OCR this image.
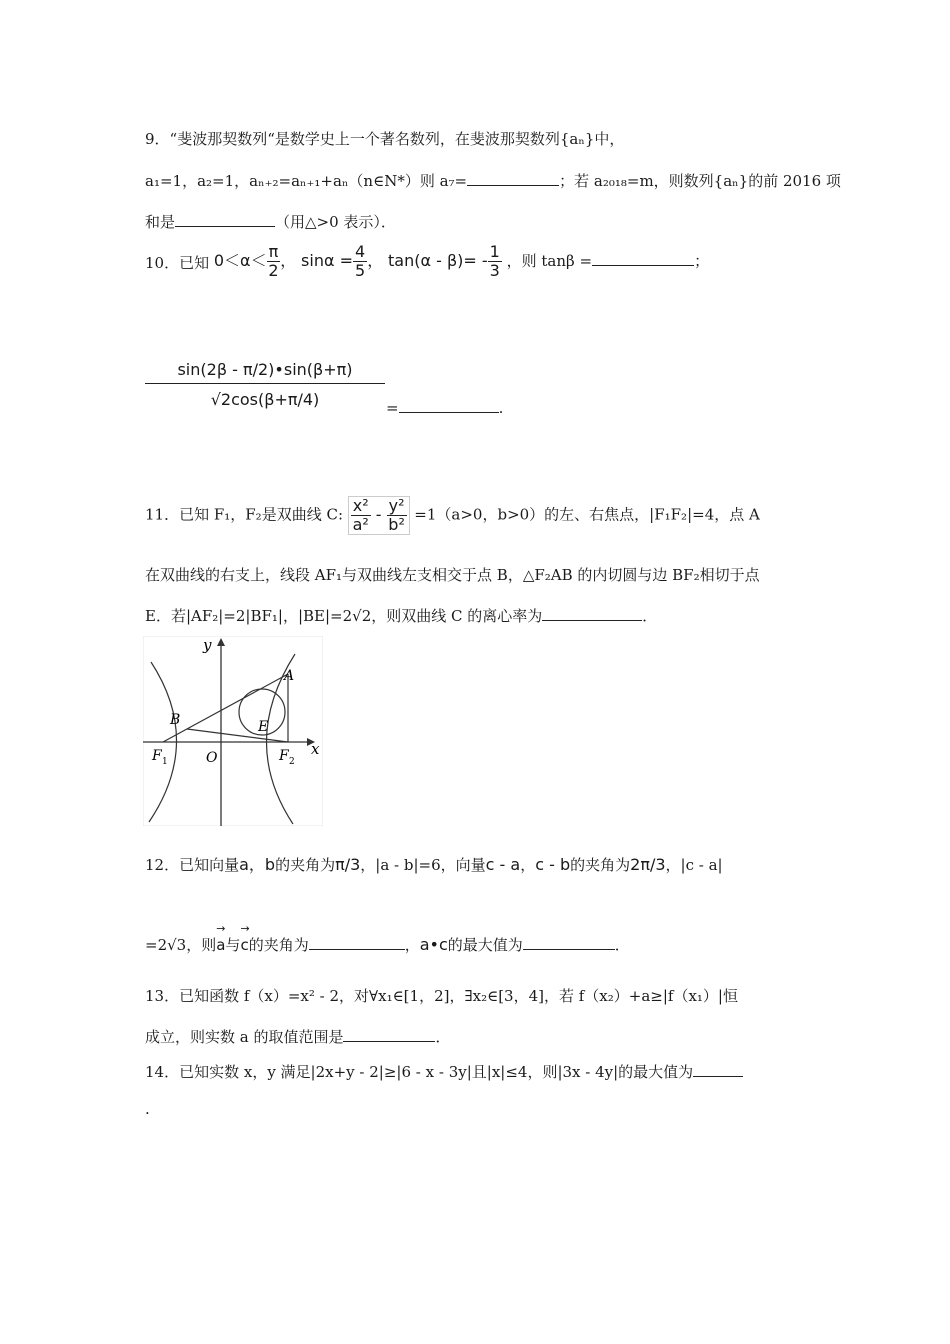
9．“斐波那契数列“是数学史上一个著名数列，在斐波那契数列{aₙ}中，
a₁=1，a₂=1，aₙ₊₂=aₙ₊₁+aₙ（n∈N*）则 a₇=	；若 a₂₀₁₈=m，则数列{aₙ}的前 2016 项
和是	（用△>0 表示）．
10．已知 $0<\alpha< \frac{\pi}{2}$ ， $\sin\alpha = \frac{4}{5}$ ， $\tan(\alpha - \beta)= - \frac{1}{3}$ ，则 tanβ =	；
$\frac{\sin(2\beta - \pi/2)•\sin(\beta+\pi)}{√2\cos(\beta+\pi/4)}$ =	.
11．已知 F₁，F₂是双曲线 C: $\frac{\text{x²}}{\text{a²}} - \frac{\text{y²}}{\text{b²}} =1(a>0$，b>0）的左、右焦点，|F₁F₂|=4，点 A
在双曲线的右支上，线段 AF₁与双曲线左支相交于点 B，△F₂AB 的内切圆与边 BF₂相切于点
E．若|AF₂|=2|BF₁|，|BE|=2√2，则双曲线 C 的离心率为	．
y
x
A
B	E
O
F 1	F 2
12．已知向量a，b的夹角为π/3，|a - b|=6，向量c - a，c - b的夹角为2π/3，|c - a|
=2√3，则→ a与→ c的夹角为	，a•c的最大值为	．
13．已知函数 f（x）=x² - 2，对∀x₁∈[1，2]，∃x₂∈[3，4]，若 f（x₂）+a≥|f（x₁）|恒
成立，则实数 a 的取值范围是	．
14．已知实数 x，y 满足|2x+y - 2|≥|6 - x - 3y|且|x|≤4，则|3x - 4y|的最大值为
.
